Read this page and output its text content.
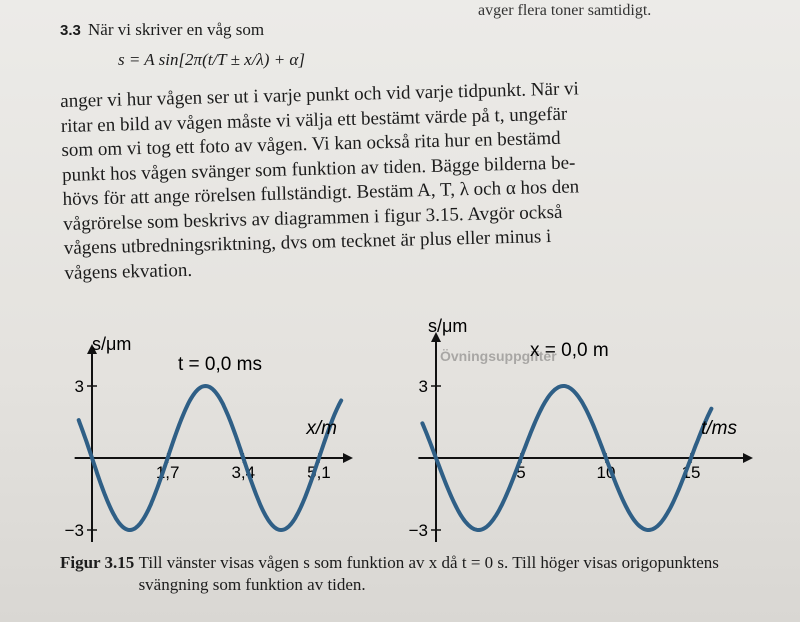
3.3 När vi skriver en våg som
avger flera toner samtidigt.
s = A sin[2π(t/T ± x/λ) + α]
Övningsuppgifter
anger vi hur vågen ser ut i varje punkt och vid varje tidpunkt. När vi
ritar en bild av vågen måste vi välja ett bestämt värde på t, ungefär
som om vi tog ett foto av vågen. Vi kan också rita hur en bestämd
punkt hos vågen svänger som funktion av tiden. Bägge bilderna be-
hövs för att ange rörelsen fullständigt. Bestäm A, T, λ och α hos den
vågrörelse som beskrivs av diagrammen i figur 3.15. Avgör också
vågens utbredningsriktning, dvs om tecknet är plus eller minus i
vågens ekvation.
3
−3
1,7	3,4	5,1
s/μm
x/m
t = 0,0 ms
3
−3
5	10	15
s/μm
t/ms
x = 0,0 m
Figur 3.15 Till vänster visas vågen s som funktion av x då t = 0 s. Till höger visas origopunktens svängning som funktion av tiden.
